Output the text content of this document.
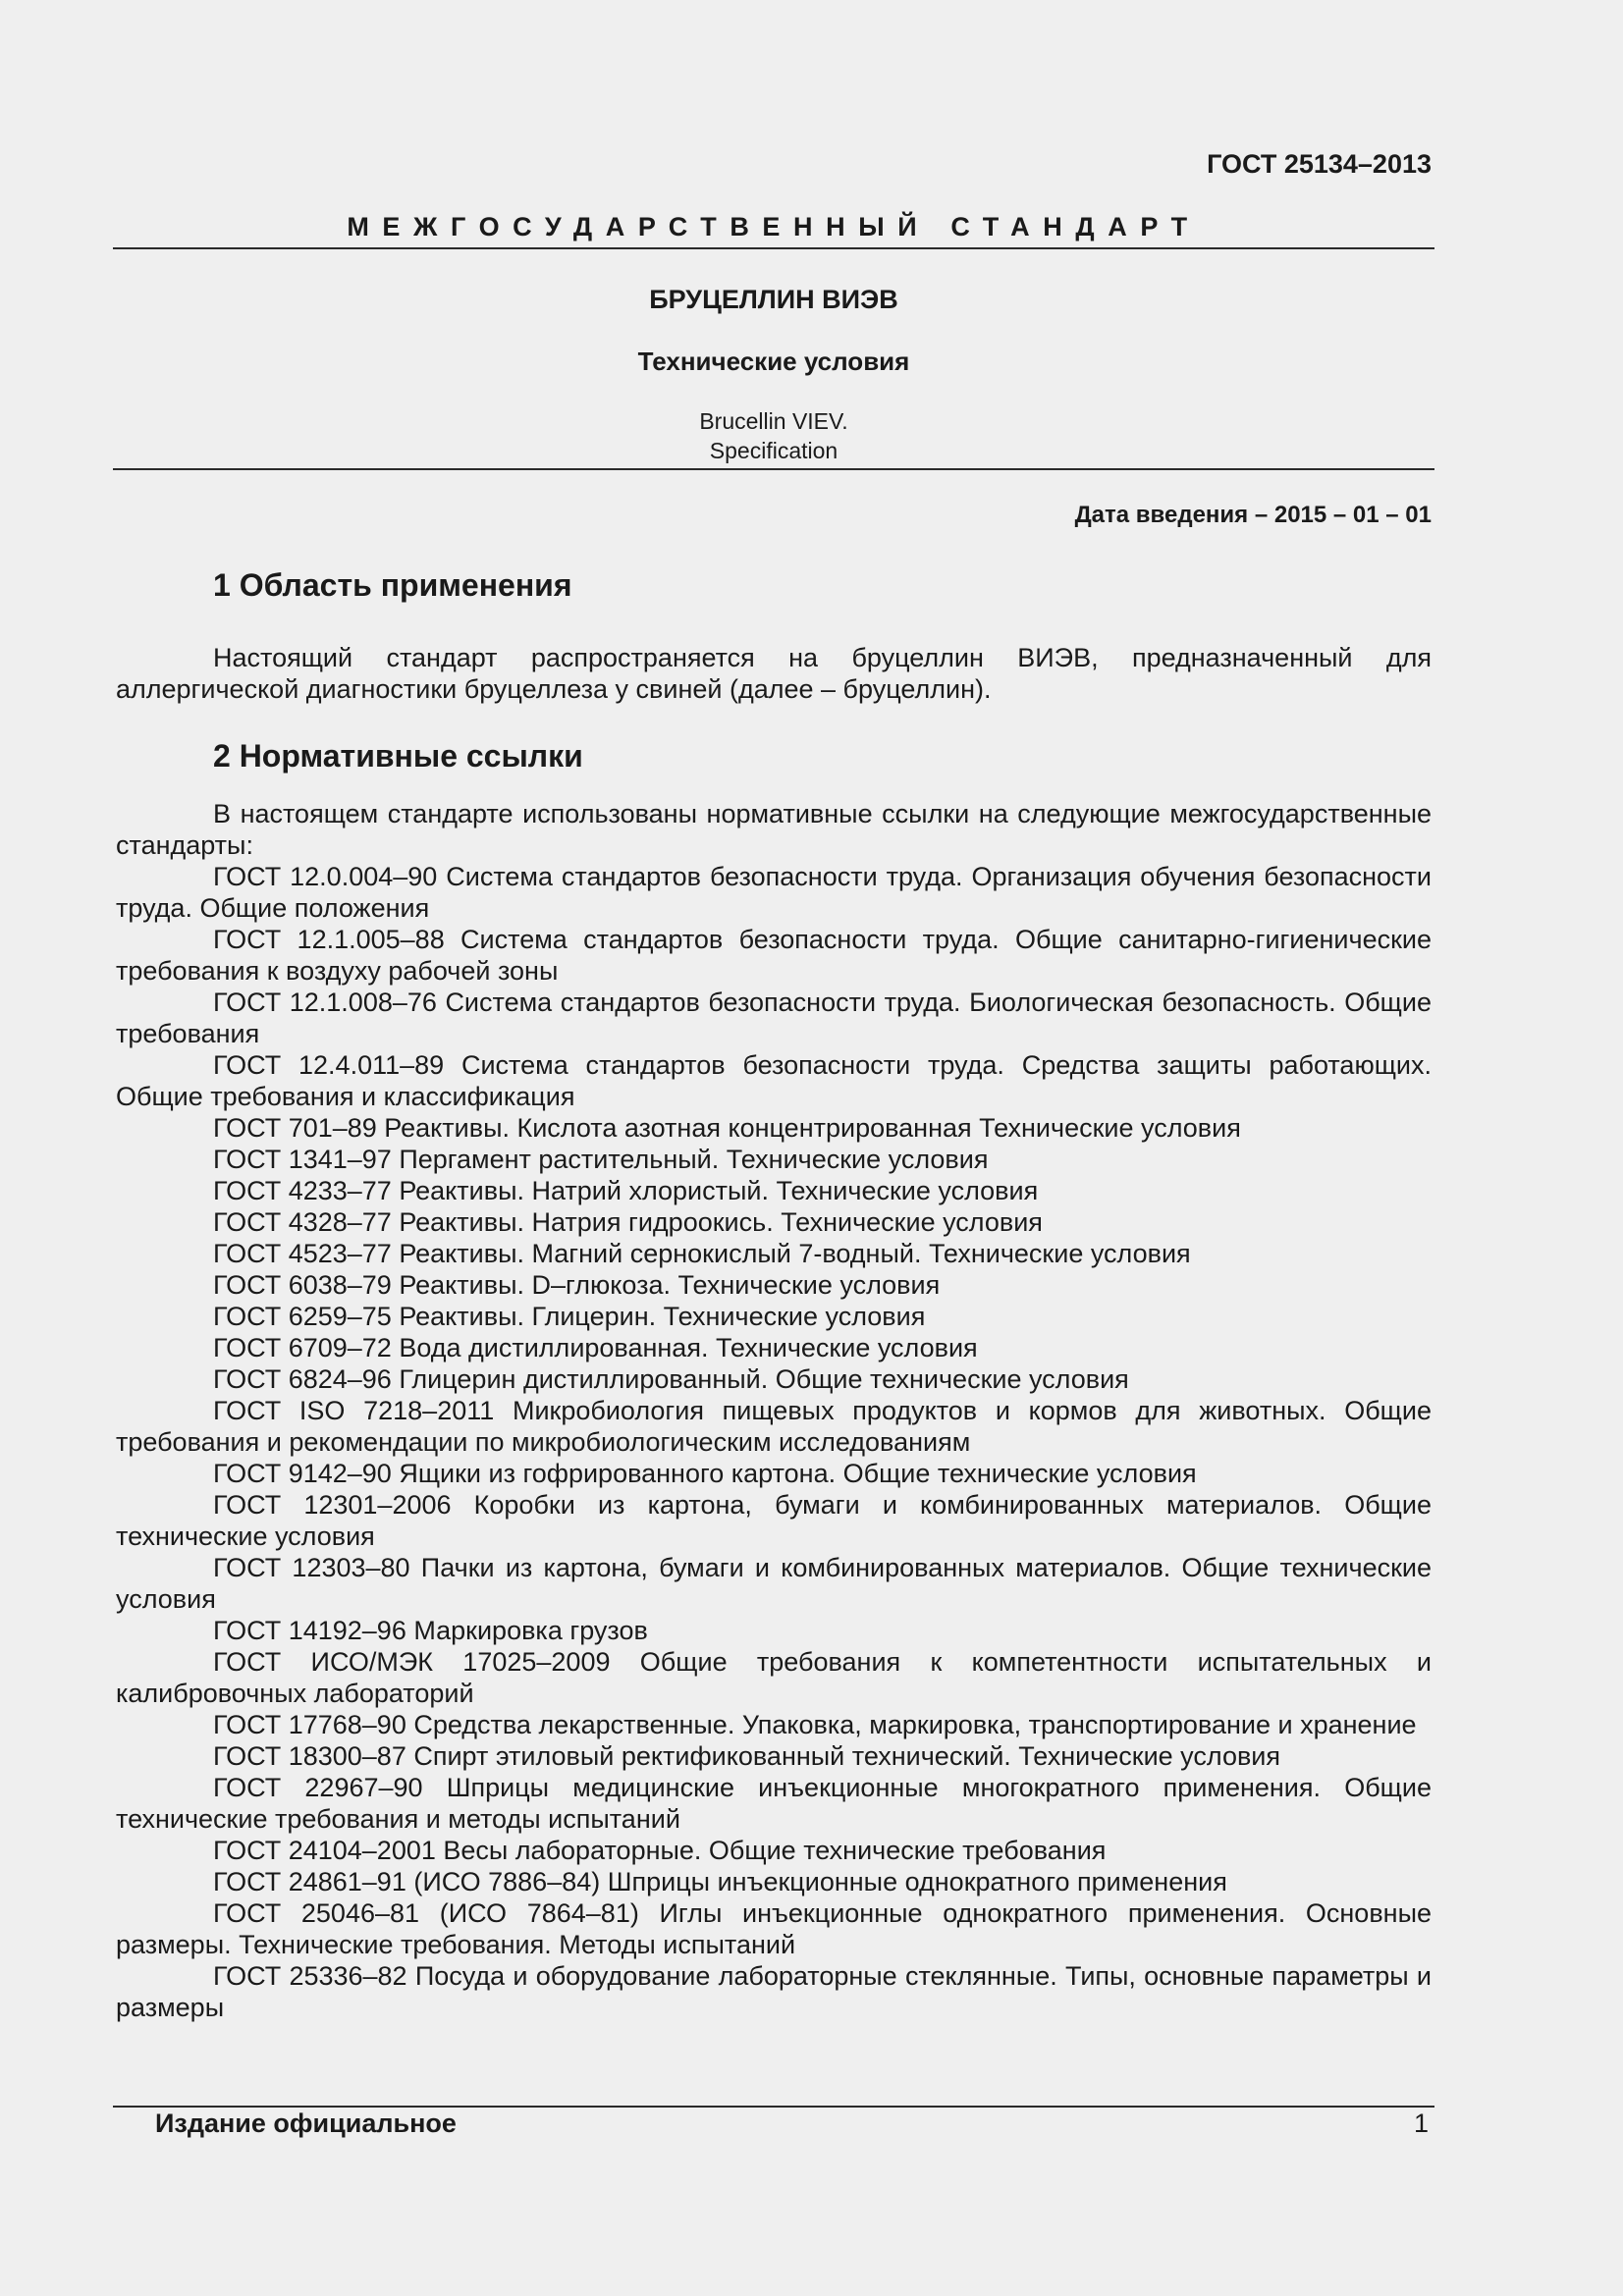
ГОСТ 25134–2013
МЕЖГОСУДАРСТВЕННЫЙ СТАНДАРТ
БРУЦЕЛЛИН ВИЭВ
Технические условия
Brucellin VIEV.
Specification
Дата введения – 2015 – 01 – 01
1 Область применения

Настоящий стандарт распространяется на бруцеллин ВИЭВ, предназначенный для аллергической диагностики бруцеллеза у свиней (далее – бруцеллин).

2 Нормативные ссылки

В настоящем стандарте использованы нормативные ссылки на следующие межгосударственные стандарты:

ГОСТ 12.0.004–90 Система стандартов безопасности труда. Организация обучения безопасности труда. Общие положения

ГОСТ 12.1.005–88 Система стандартов безопасности труда. Общие санитарно-гигиенические требования к воздуху рабочей зоны

ГОСТ 12.1.008–76 Система стандартов безопасности труда. Биологическая безопасность. Общие требования

ГОСТ 12.4.011–89 Система стандартов безопасности труда. Средства защиты работающих. Общие требования и классификация

ГОСТ 701–89 Реактивы. Кислота азотная концентрированная Технические условия

ГОСТ 1341–97 Пергамент растительный. Технические условия

ГОСТ 4233–77 Реактивы. Натрий хлористый. Технические условия

ГОСТ 4328–77 Реактивы. Натрия гидроокись. Технические условия

ГОСТ 4523–77 Реактивы. Магний сернокислый 7-водный. Технические условия

ГОСТ 6038–79 Реактивы. D–глюкоза. Технические условия

ГОСТ 6259–75 Реактивы. Глицерин. Технические условия

ГОСТ 6709–72 Вода дистиллированная. Технические условия

ГОСТ 6824–96 Глицерин дистиллированный. Общие технические условия

ГОСТ ISO 7218–2011 Микробиология пищевых продуктов и кормов для животных. Общие требования и рекомендации по микробиологическим исследованиям

ГОСТ 9142–90 Ящики из гофрированного картона. Общие технические условия

ГОСТ 12301–2006 Коробки из картона, бумаги и комбинированных материалов. Общие технические условия

ГОСТ 12303–80 Пачки из картона, бумаги и комбинированных материалов. Общие технические условия

ГОСТ 14192–96 Маркировка грузов

ГОСТ ИСО/МЭК 17025–2009 Общие требования к компетентности испытательных и калибровочных лабораторий

ГОСТ 17768–90 Средства лекарственные. Упаковка, маркировка, транспортирование и хранение

ГОСТ 18300–87 Спирт этиловый ректификованный технический. Технические условия

ГОСТ 22967–90 Шприцы медицинские инъекционные многократного применения. Общие технические требования и методы испытаний

ГОСТ 24104–2001 Весы лабораторные. Общие технические требования

ГОСТ 24861–91 (ИСО 7886–84) Шприцы инъекционные однократного применения

ГОСТ 25046–81 (ИСО 7864–81) Иглы инъекционные однократного применения. Основные размеры. Технические требования. Методы испытаний

ГОСТ 25336–82 Посуда и оборудование лабораторные стеклянные. Типы, основные параметры и размеры

Издание официальное	1
